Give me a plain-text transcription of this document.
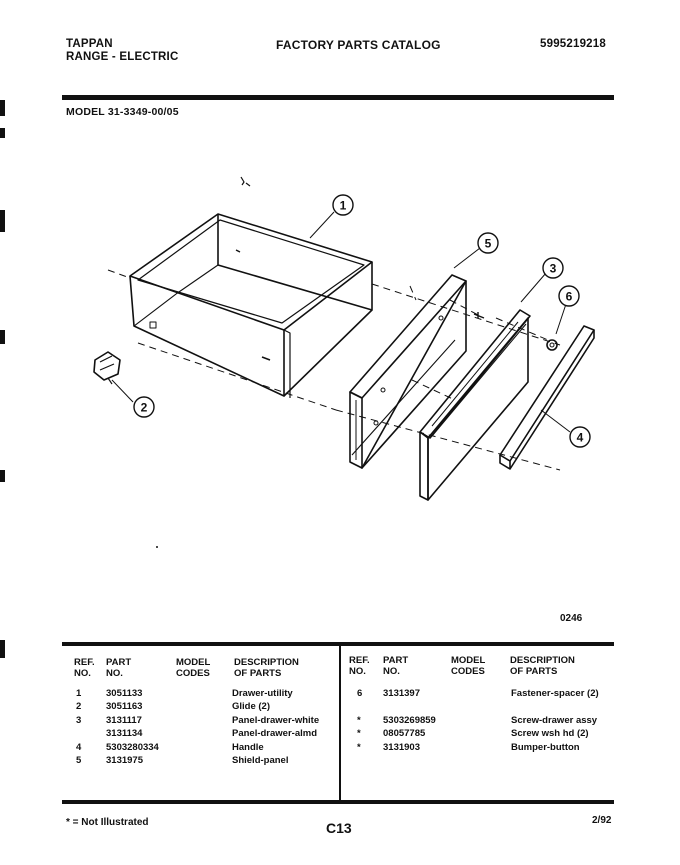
TAPPAN
RANGE - ELECTRIC
FACTORY PARTS CATALOG	5995219218
MODEL 31-3349-00/05
1
2
5
3
6
4
0246
REF.
NO.
PART
NO.
MODEL
CODES
DESCRIPTION
OF PARTS
REF.
NO.
PART
NO.
MODEL
CODES
DESCRIPTION
OF PARTS
1	3051133	Drawer-utility
2	3051163	Glide (2)
3	3131117	Panel-drawer-white
3131134	Panel-drawer-almd
4	5303280334	Handle
5	3131975	Shield-panel
6 3131397	Fastener-spacer (2)
* 5303269859	Screw-drawer assy
* 08057785	Screw wsh hd (2)
* 3131903	Bumper-button
* = Not Illustrated	C13	2/92
